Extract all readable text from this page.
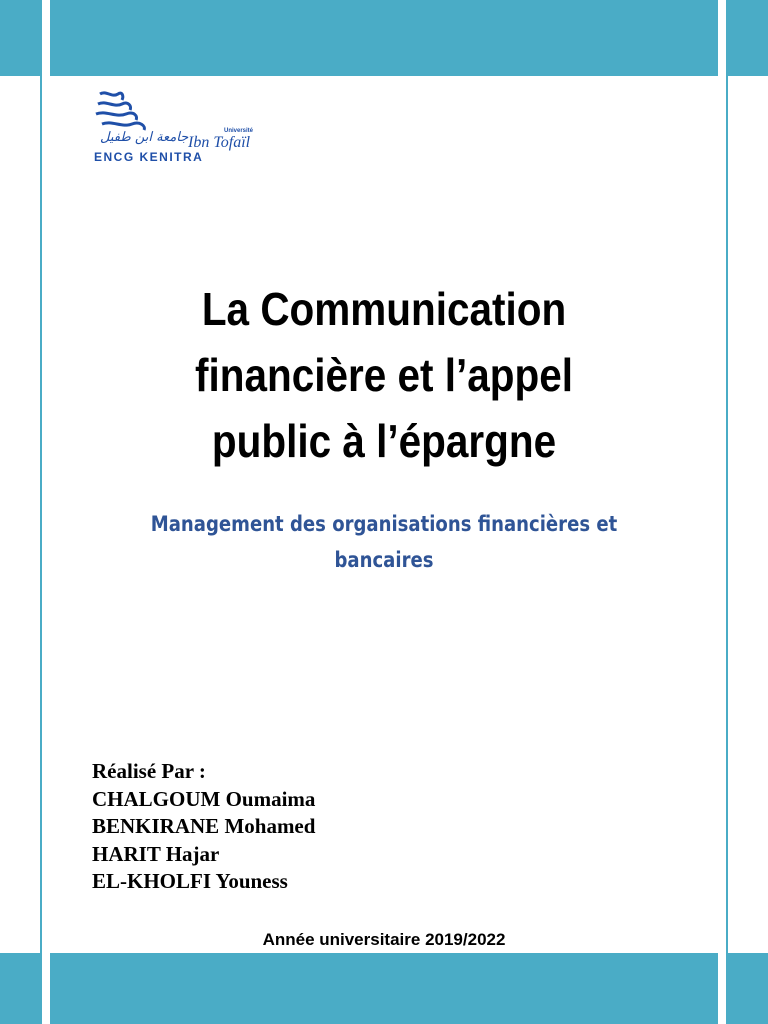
جامعة ابن طفيل	Université
Ibn Tofaïl
ENCG KENITRA
La Communication
financière et l’appel
public à l’épargne
Management des organisations financières et
bancaires
Réalisé Par :
CHALGOUM Oumaima
BENKIRANE Mohamed
HARIT Hajar
EL-KHOLFI Youness
Année universitaire 2019/2022
